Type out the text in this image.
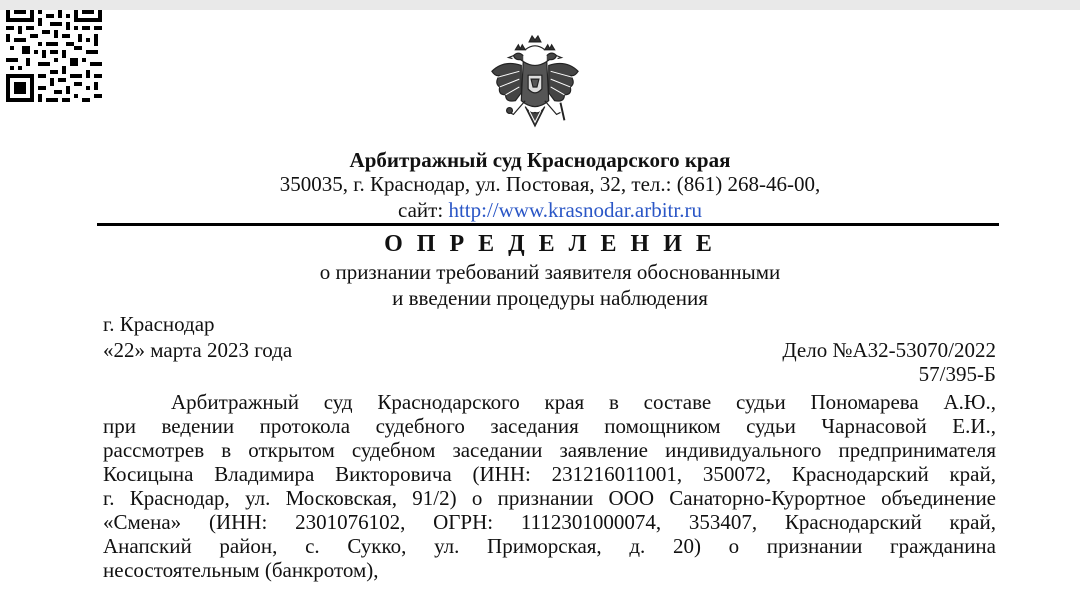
Арбитражный суд Краснодарского края
350035, г. Краснодар, ул. Постовая, 32, тел.: (861) 268-46-00,
сайт: http://www.krasnodar.arbitr.ru
О П Р Е Д Е Л Е Н И Е
о признании требований заявителя обоснованными
и введении процедуры наблюдения
г. Краснодар
«22» марта 2023 года	Дело №А32-53070/2022
57/395-Б
Арбитражный суд Краснодарского края в составе судьи Пономарева А.Ю.,
при ведении протокола судебного заседания помощником судьи Чарнасовой Е.И.,
рассмотрев в открытом судебном заседании заявление индивидуального предпринимателя
Косицына Владимира Викторовича (ИНН: 231216011001, 350072, Краснодарский край,
г. Краснодар, ул. Московская, 91/2) о признании ООО Санаторно-Курортное объединение
«Смена» (ИНН: 2301076102, ОГРН: 1112301000074, 353407, Краснодарский край,
Анапский район, с. Сукко, ул. Приморская, д. 20) о признании гражданина
несостоятельным (банкротом),
